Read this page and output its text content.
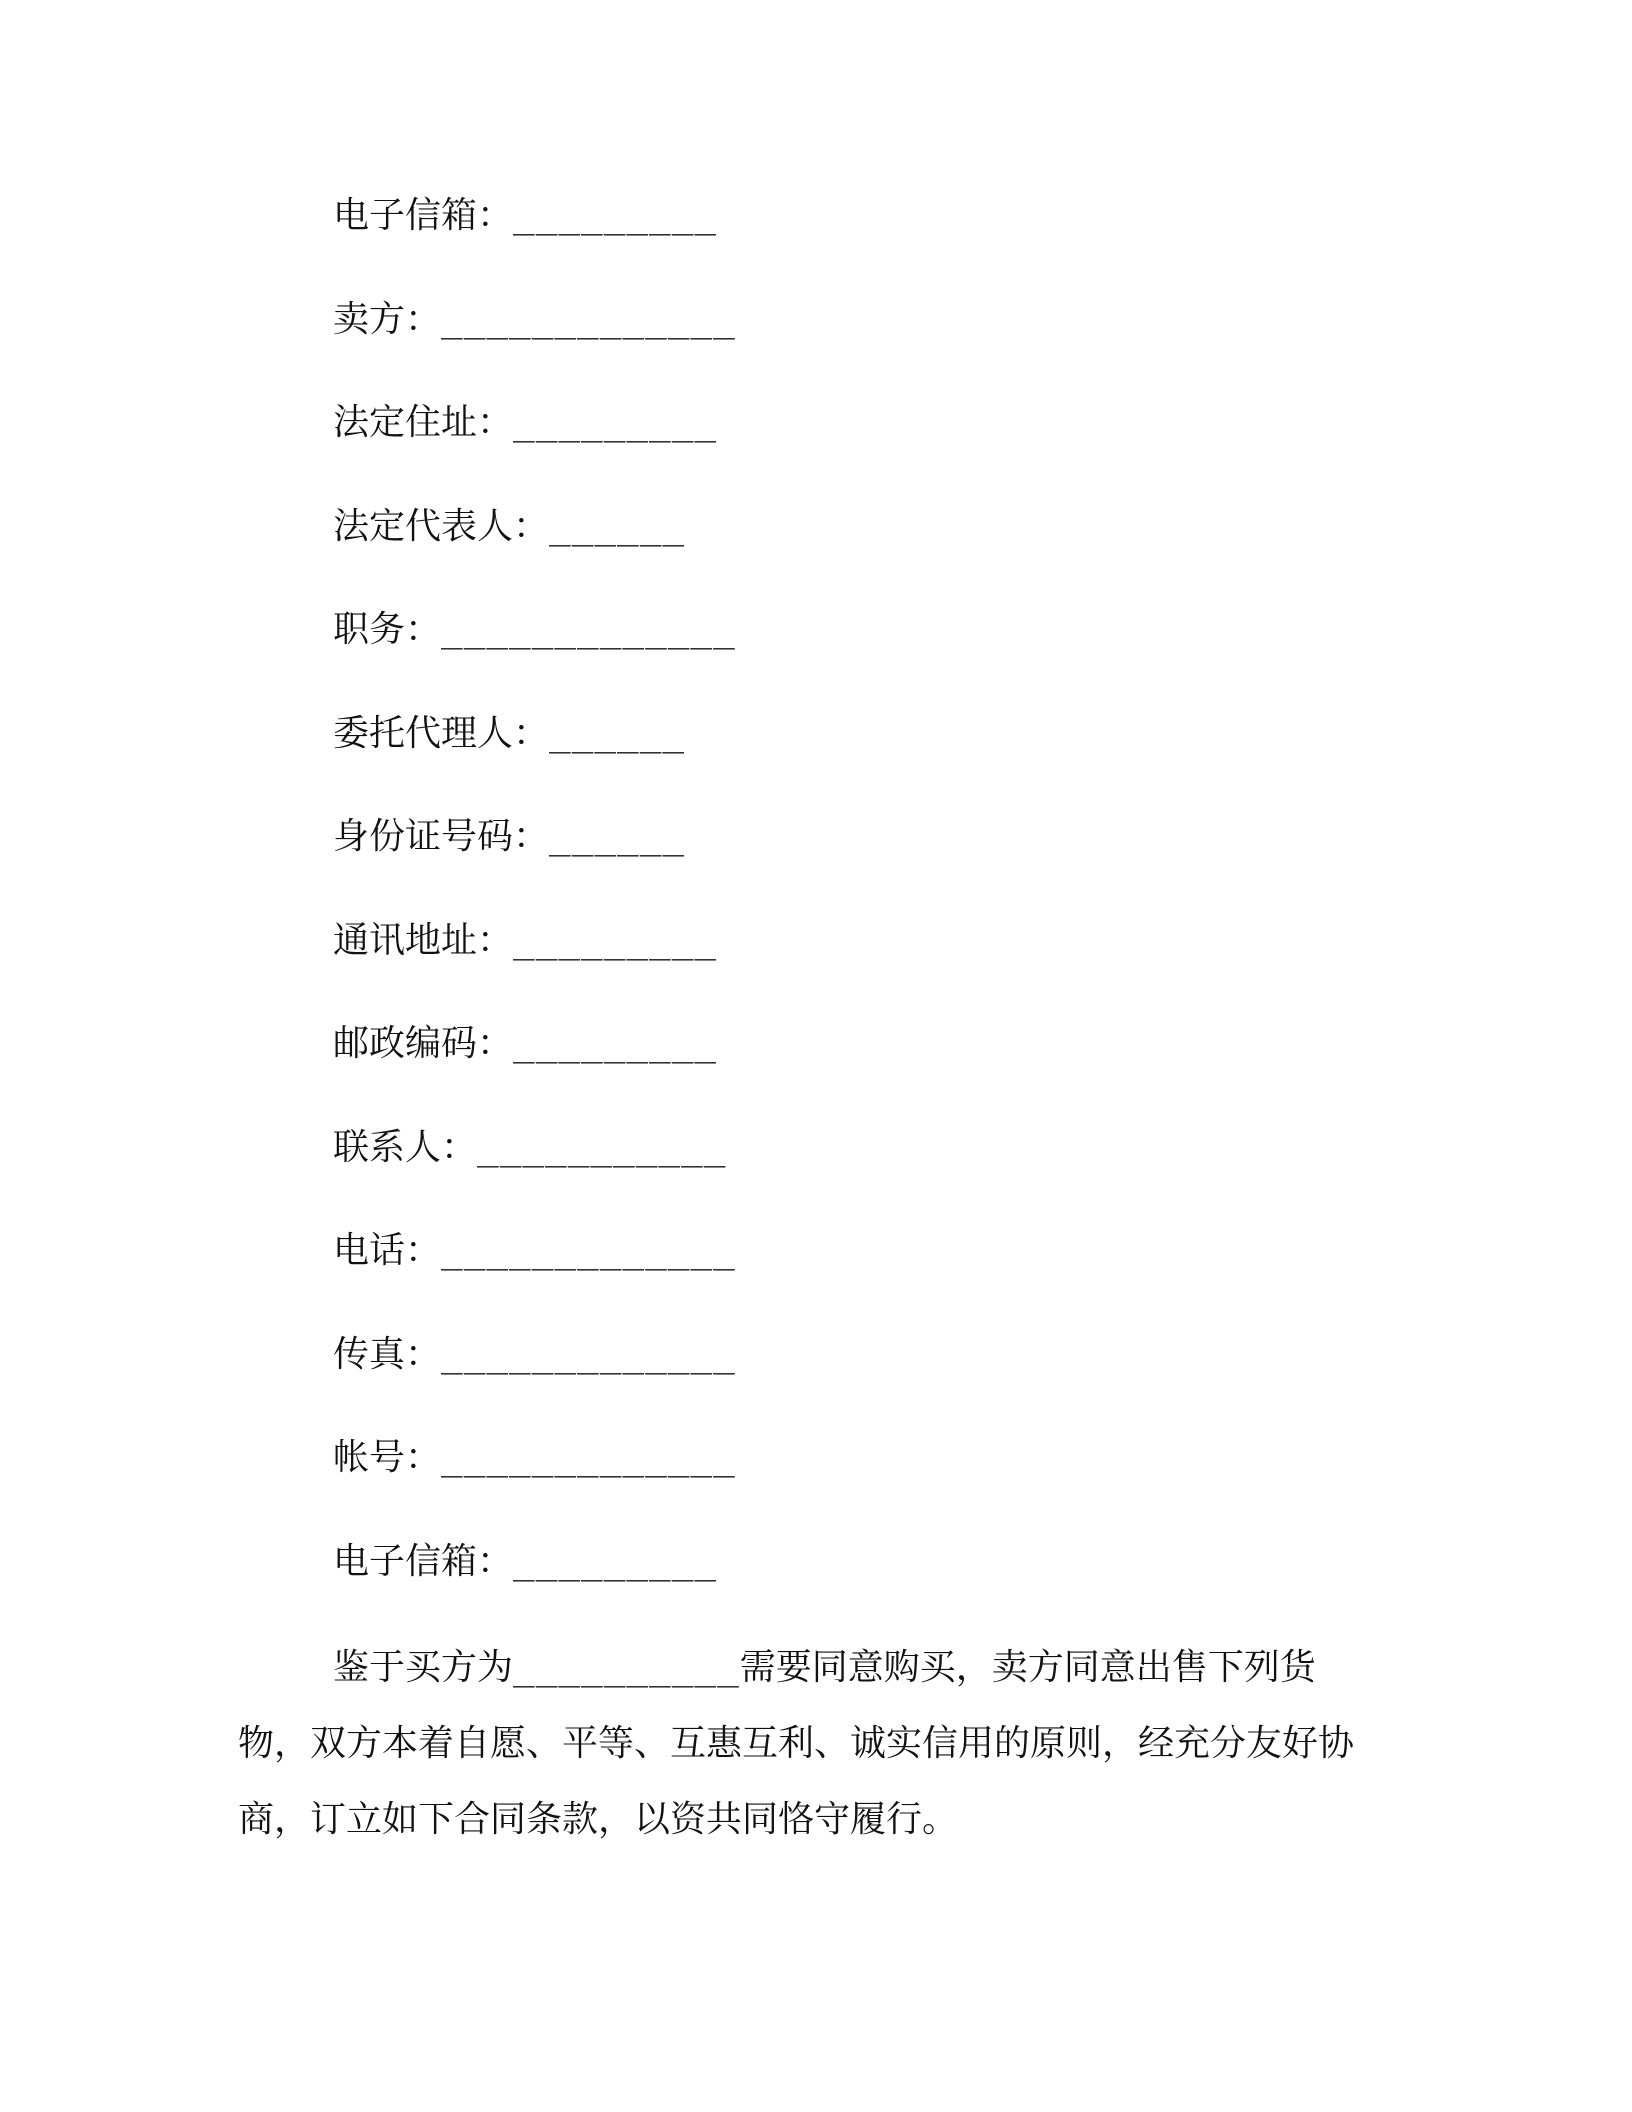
电子信箱： _________
卖方： _____________
法定住址： _________
法定代表人： ______
职务： _____________
委托代理人： ______
身份证号码： ______
通讯地址： _________
邮政编码： _________
联系人： ___________
电话： _____________
传真： _____________
帐号： _____________
电子信箱： _________

鉴于买方为__________需要同意购买，卖方同意出售下列货物，双方本着自愿、平等、互惠互利、诚实信用的原则，经充分友好协商，订立如下合同条款，以资共同恪守履行。
